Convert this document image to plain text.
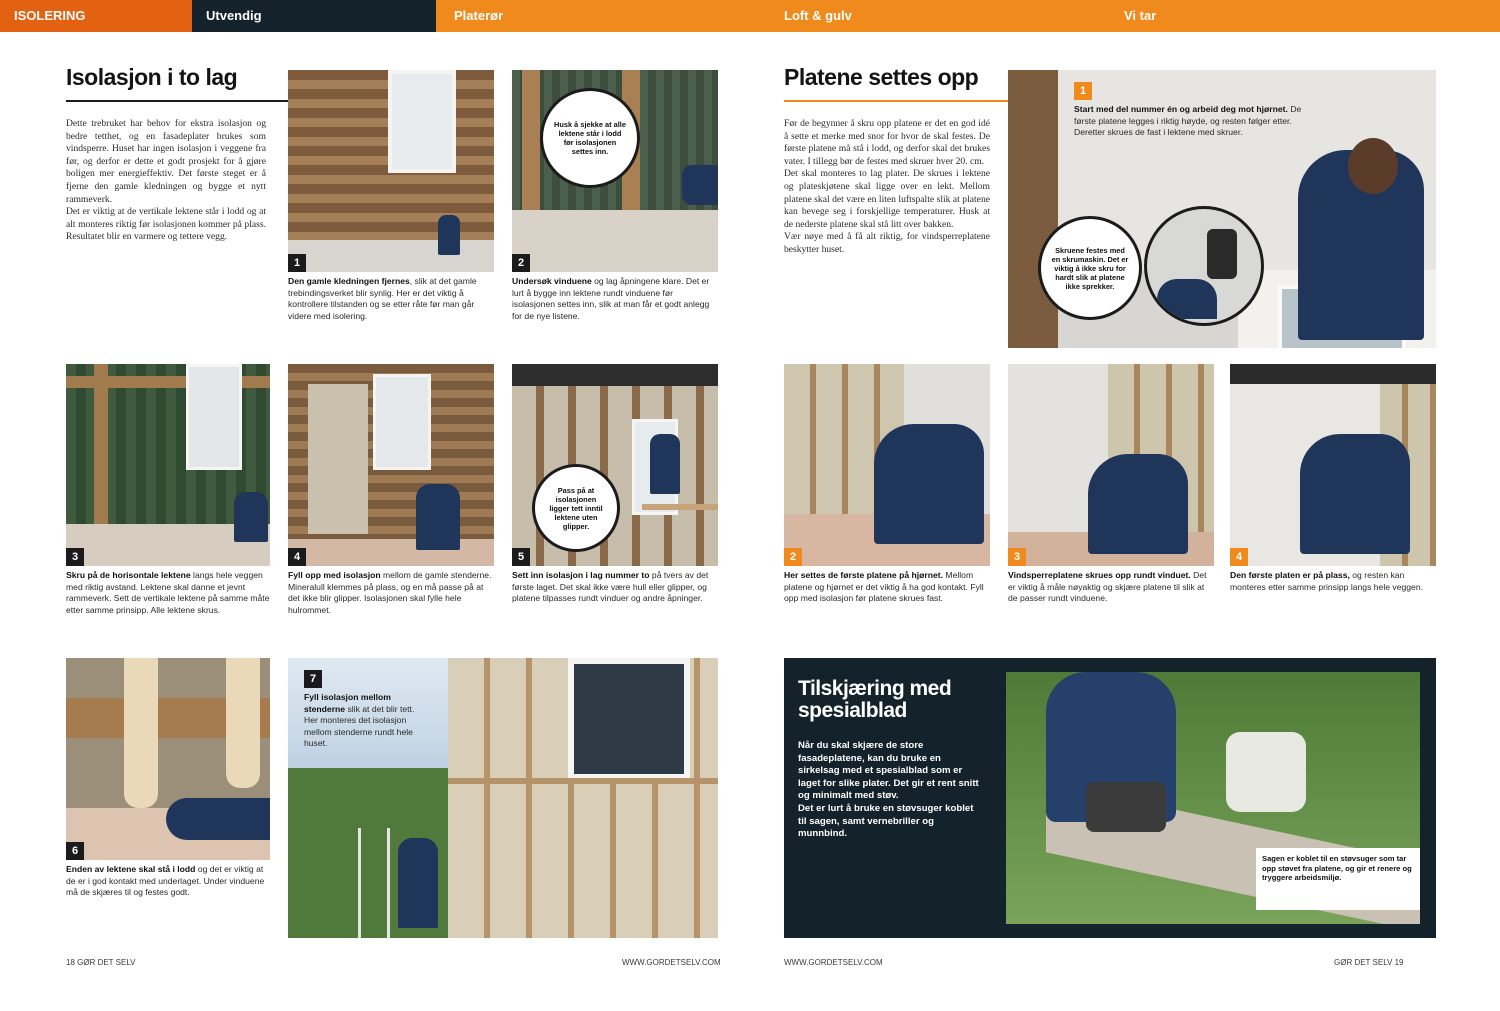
ISOLERING	Utvendig	Platerør	Loft & gulv	Vi tar
Isolasjon i to lag
Dette trebruket har behov for ekstra isolasjon og bedre tetthet, og en fasadeplater brukes som vindsperre. Huset har ingen isolasjon i veggene fra før, og derfor er dette et godt prosjekt for å gjøre boligen mer energieffektiv. Det første steget er å fjerne den gamle kledningen og bygge et nytt rammeverk.
Det er viktig at de vertikale lektene står i lodd og at alt monteres riktig før isolasjonen kommer på plass. Resultatet blir en varmere og tettere vegg.
1
Den gamle kledningen fjernes, slik at det gamle trebindingsverket blir synlig. Her er det viktig å kontrollere tilstanden og se etter råte før man går videre med isolering.
Husk å sjekke at alle lektene står i lodd før isolasjonen settes inn.
2
Undersøk vinduene og lag åpningene klare. Det er lurt å bygge inn lektene rundt vinduene før isolasjonen settes inn, slik at man får et godt anlegg for de nye listene.
3
Skru på de horisontale lektene langs hele veggen med riktig avstand. Lektene skal danne et jevnt rammeverk. Sett de vertikale lektene på samme måte etter samme prinsipp. Alle lektene skrus.
4
Fyll opp med isolasjon mellom de gamle stenderne. Mineralull klemmes på plass, og en må passe på at det ikke blir glipper. Isolasjonen skal fylle hele hulrommet.
Pass på at isolasjonen ligger tett inntil lektene uten glipper.
5
Sett inn isolasjon i lag nummer to på tvers av det første laget. Det skal ikke være hull eller glipper, og platene tilpasses rundt vinduer og andre åpninger.
6
Enden av lektene skal stå i lodd og det er viktig at de er i god kontakt med underlaget. Under vinduene må de skjæres til og festes godt.
7
Fyll isolasjon mellom stenderne slik at det blir tett. Her monteres det isolasjon mellom stenderne rundt hele huset.
18 GØR DET SELV	WWW.GORDETSELV.COM
Platene settes opp
Før de begynner å skru opp platene er det en god idé å sette et merke med snor for hvor de skal festes. De første platene må stå i lodd, og derfor skal det brukes vater. I tillegg bør de festes med skruer hver 20. cm.
Det skal monteres to lag plater. De skrues i lektene og plateskjøtene skal ligge over en lekt. Mellom platene skal det være en liten luftspalte slik at platene kan bevege seg i forskjellige temperaturer. Husk at de nederste platene skal stå litt over bakken.
Vær nøye med å få alt riktig, for vindsperreplatene beskytter huset.
1
Start med del nummer én og arbeid deg mot hjørnet. De første platene legges i riktig høyde, og resten følger etter. Deretter skrues de fast i lektene med skruer.
Skruene festes med en skrumaskin. Det er viktig å ikke skru for hardt slik at platene ikke sprekker.
2
Her settes de første platene på hjørnet. Mellom platene og hjørnet er det viktig å ha god kontakt. Fyll opp med isolasjon før platene skrues fast.
3
Vindsperreplatene skrues opp rundt vinduet. Det er viktig å måle nøyaktig og skjære platene til slik at de passer rundt vinduene.
4
Den første platen er på plass, og resten kan monteres etter samme prinsipp langs hele veggen.
Tilskjæring med spesialblad
Når du skal skjære de store fasadeplatene, kan du bruke en sirkelsag med et spesialblad som er laget for slike plater. Det gir et rent snitt og minimalt med støv.
Det er lurt å bruke en støvsuger koblet til sagen, samt vernebriller og munnbind.
Sagen er koblet til en støvsuger som tar opp støvet fra platene, og gir et renere og tryggere arbeidsmiljø.
WWW.GORDETSELV.COM	GØR DET SELV 19
